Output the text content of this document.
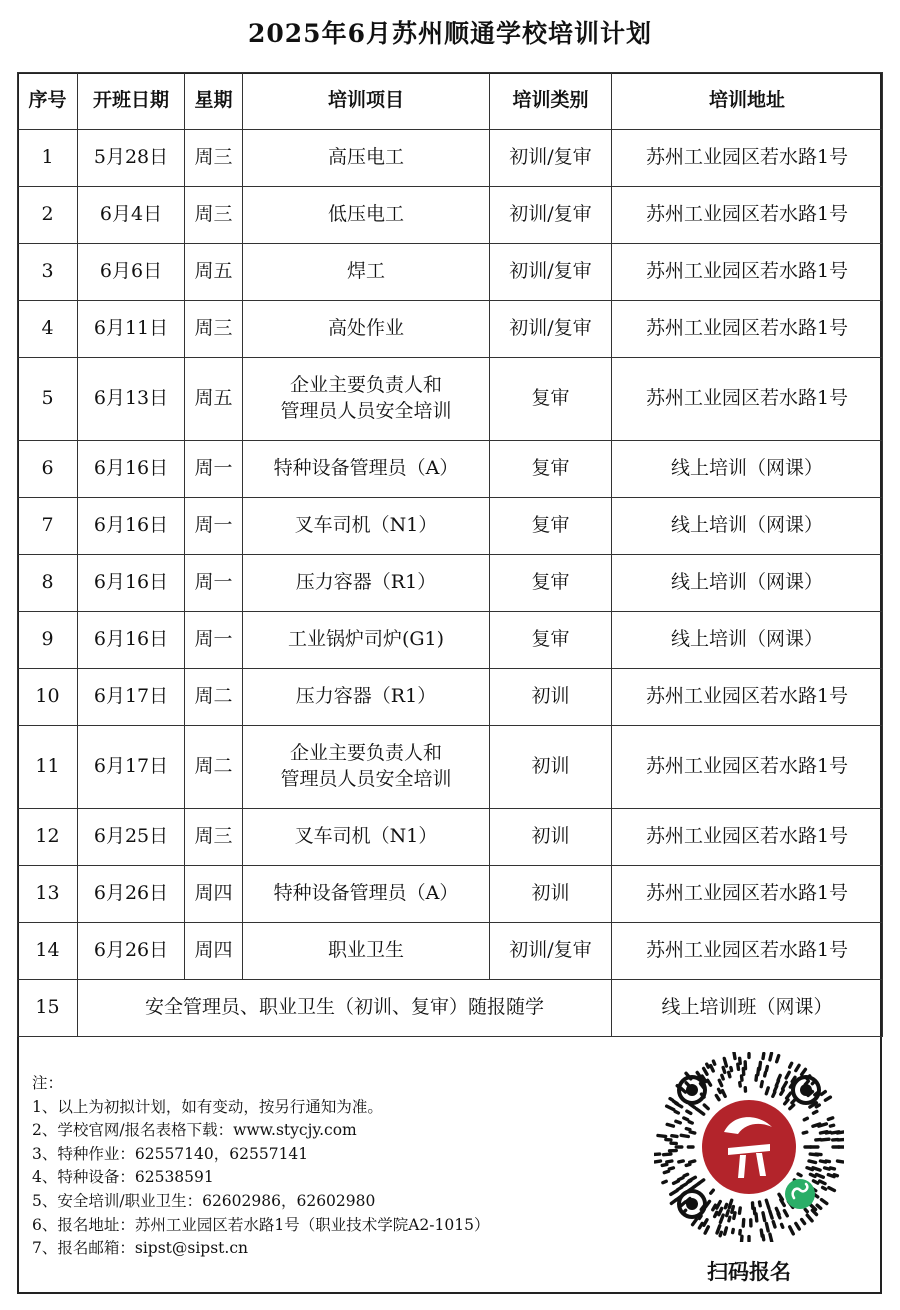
2025年6月苏州顺通学校培训计划
序号	开班日期	星期	培训项目	培训类别	培训地址
1	5月28日	周三	高压电工	初训/复审	苏州工业园区若水路1号
2	6月4日	周三	低压电工	初训/复审	苏州工业园区若水路1号
3	6月6日	周五	焊工	初训/复审	苏州工业园区若水路1号
4	6月11日	周三	高处作业	初训/复审	苏州工业园区若水路1号
5	6月13日	周五	企业主要负责人和
管理员人员安全培训	复审	苏州工业园区若水路1号
6	6月16日	周一	特种设备管理员（A）	复审	线上培训（网课）
7	6月16日	周一	叉车司机（N1）	复审	线上培训（网课）
8	6月16日	周一	压力容器（R1）	复审	线上培训（网课）
9	6月16日	周一	工业锅炉司炉(G1)	复审	线上培训（网课）
10	6月17日	周二	压力容器（R1）	初训	苏州工业园区若水路1号
11	6月17日	周二	企业主要负责人和
管理员人员安全培训	初训	苏州工业园区若水路1号
12	6月25日	周三	叉车司机（N1）	初训	苏州工业园区若水路1号
13	6月26日	周四	特种设备管理员（A）	初训	苏州工业园区若水路1号
14	6月26日	周四	职业卫生	初训/复审	苏州工业园区若水路1号
15	安全管理员、职业卫生（初训、复审）随报随学				线上培训班（网课）
注：
1、以上为初拟计划，如有变动，按另行通知为准。
2、学校官网/报名表格下载：www.stycjy.com
3、特种作业：62557140，62557141
4、特种设备：62538591
5、安全培训/职业卫生：62602986，62602980
6、报名地址：苏州工业园区若水路1号（职业技术学院A2-1015）
7、报名邮箱：sipst@sipst.cn
扫码报名
